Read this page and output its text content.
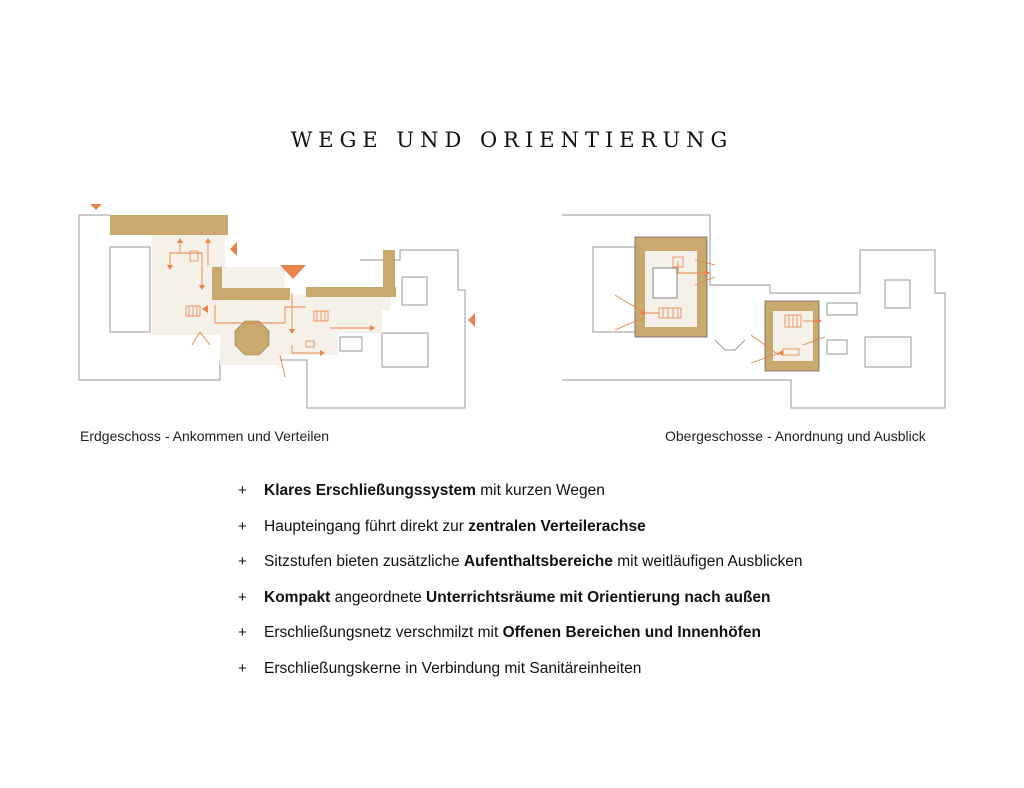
WEGE UND ORIENTIERUNG
Erdgeschoss - Ankommen und Verteilen	Obergeschosse - Anordnung und Ausblick
+ Klares Erschließungssystem mit kurzen Wegen
+ Haupteingang führt direkt zur zentralen Verteilerachse
+ Sitzstufen bieten zusätzliche Aufenthaltsbereiche mit weitläufigen Ausblicken
+ Kompakt angeordnete Unterrichtsräume mit Orientierung nach außen
+ Erschließungsnetz verschmilzt mit Offenen Bereichen und Innenhöfen
+ Erschließungskerne in Verbindung mit Sanitäreinheiten
